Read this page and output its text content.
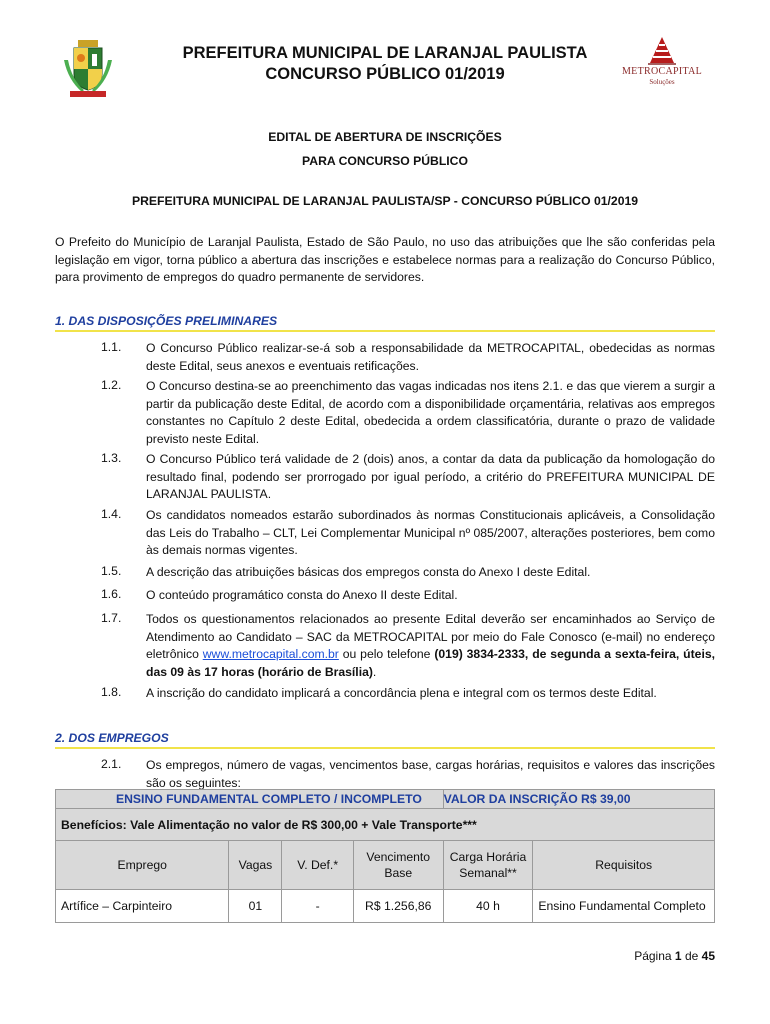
PREFEITURA MUNICIPAL DE LARANJAL PAULISTA
CONCURSO PÚBLICO 01/2019	METROCAPITAL
Soluções
EDITAL DE ABERTURA DE INSCRIÇÕES
PARA CONCURSO PÚBLICO
PREFEITURA MUNICIPAL DE LARANJAL PAULISTA/SP - CONCURSO PÚBLICO 01/2019
O Prefeito do Município de Laranjal Paulista, Estado de São Paulo, no uso das atribuições que lhe são conferidas pela legislação em vigor, torna público a abertura das inscrições e estabelece normas para a realização do Concurso Público, para provimento de empregos do quadro permanente de servidores.
1. DAS DISPOSIÇÕES PRELIMINARES
1.1.	O Concurso Público realizar-se-á sob a responsabilidade da METROCAPITAL, obedecidas as normas deste Edital, seus anexos e eventuais retificações.
1.2.	O Concurso destina-se ao preenchimento das vagas indicadas nos itens 2.1. e das que vierem a surgir a partir da publicação deste Edital, de acordo com a disponibilidade orçamentária, relativas aos empregos constantes no Capítulo 2 deste Edital, obedecida a ordem classificatória, durante o prazo de validade previsto neste Edital.
1.3.	O Concurso Público terá validade de 2 (dois) anos, a contar da data da publicação da homologação do resultado final, podendo ser prorrogado por igual período, a critério do PREFEITURA MUNICIPAL DE LARANJAL PAULISTA.
1.4.	Os candidatos nomeados estarão subordinados às normas Constitucionais aplicáveis, a Consolidação das Leis do Trabalho – CLT, Lei Complementar Municipal nº 085/2007, alterações posteriores, bem como às demais normas vigentes.
1.5.	A descrição das atribuições básicas dos empregos consta do Anexo I deste Edital.
1.6.	O conteúdo programático consta do Anexo II deste Edital.
1.7.	Todos os questionamentos relacionados ao presente Edital deverão ser encaminhados ao Serviço de Atendimento ao Candidato – SAC da METROCAPITAL por meio do Fale Conosco (e-mail) no endereço eletrônico www.metrocapital.com.br ou pelo telefone (019) 3834-2333, de segunda a sexta-feira, úteis, das 09 às 17 horas (horário de Brasília).
1.8.	A inscrição do candidato implicará a concordância plena e integral com os termos deste Edital.
2. DOS EMPREGOS
2.1.	Os empregos, número de vagas, vencimentos base, cargas horárias, requisitos e valores das inscrições são os seguintes:
ENSINO FUNDAMENTAL COMPLETO / INCOMPLETO				VALOR DA INSCRIÇÃO R$ 39,00	
Benefícios: Vale Alimentação no valor de R$ 300,00 + Vale Transporte***					
Emprego	Vagas	V. Def.*	Vencimento Base	Carga Horária Semanal**	Requisitos
Artífice – Carpinteiro	01	-	R$ 1.256,86	40 h	Ensino Fundamental Completo
Página 1 de 45
